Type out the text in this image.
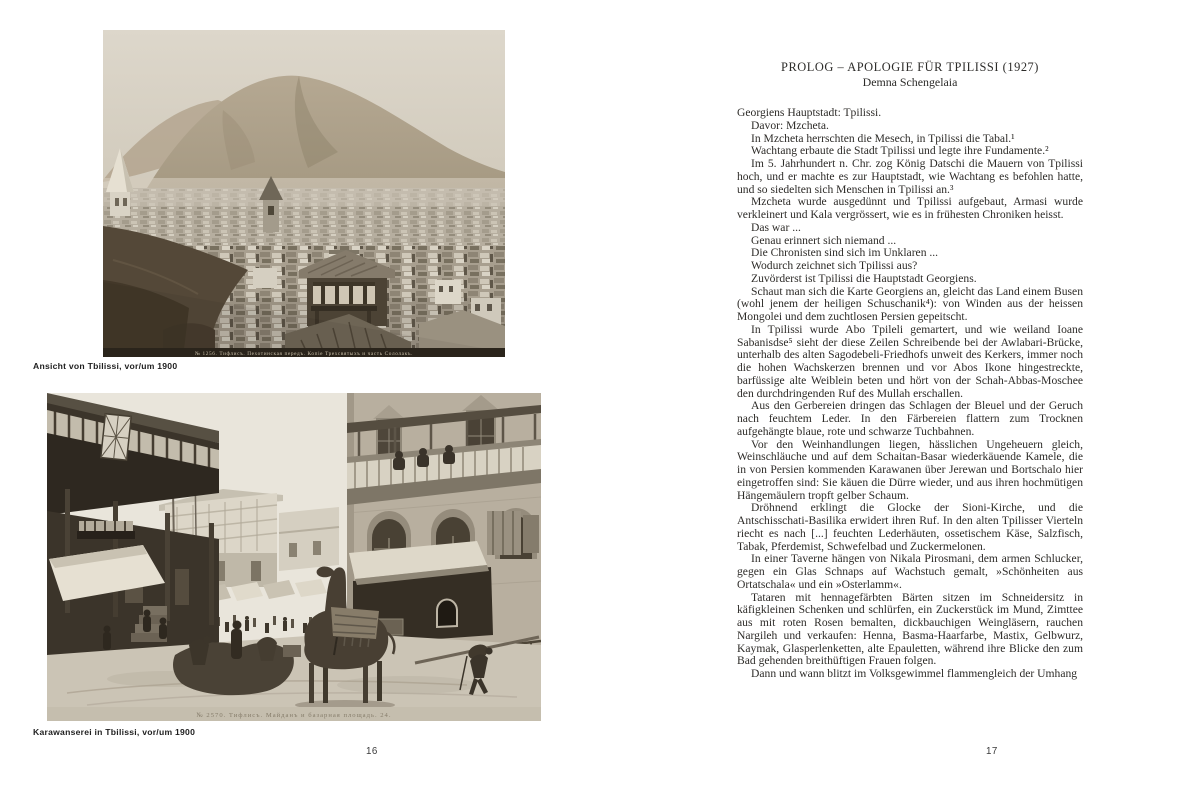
№ 1256. Тифлисъ. Пехотинская передъ. Копіе Трехсвятыхъ и часть Сололакъ.
Ansicht von Tbilissi, vor/um 1900
№ 2570. Тифлисъ. Майданъ и базарная площадь. 24.
Karawanserei in Tbilissi, vor/um 1900
16
PROLOG – APOLOGIE FÜR TPILISSI (1927)
Demna Schengelaia

Georgiens Hauptstadt: Tpilissi.

Davor: Mzcheta.

In Mzcheta herrschten die Mesech, in Tpilissi die Tabal.¹

Wachtang erbaute die Stadt Tpilissi und legte ihre Fundamente.²

Im 5. Jahrhundert n. Chr. zog König Datschi die Mauern von Tpilissi hoch, und er machte es zur Hauptstadt, wie Wachtang es befohlen hatte, und so siedelten sich Menschen in Tpilissi an.³

Mzcheta wurde ausgedünnt und Tpilissi aufgebaut, Armasi wurde verkleinert und Kala vergrössert, wie es in frühesten Chroniken heisst.

Das war ...

Genau erinnert sich niemand ...

Die Chronisten sind sich im Unklaren ...

Wodurch zeichnet sich Tpilissi aus?

Zuvörderst ist Tpilissi die Hauptstadt Georgiens.

Schaut man sich die Karte Georgiens an, gleicht das Land einem Busen (wohl jenem der heiligen Schuschanik⁴): von Winden aus der heissen Mongolei und dem zuchtlosen Persien gepeitscht.

In Tpilissi wurde Abo Tpileli gemartert, und wie weiland Ioane Sabanisdse⁵ sieht der diese Zeilen Schreibende bei der Awlabari-Brücke, unterhalb des alten Sagodebeli-Friedhofs unweit des Kerkers, immer noch die hohen Wachskerzen brennen und vor Abos Ikone hingestreckte, barfüssige alte Weiblein beten und hört von der Schah-Abbas-Moschee den durchdringenden Ruf des Mullah erschallen.

Aus den Gerbereien dringen das Schlagen der Bleuel und der Geruch nach feuchtem Leder. In den Färbereien flattern zum Trocknen aufgehängte blaue, rote und schwarze Tuchbahnen.

Vor den Weinhandlungen liegen, hässlichen Ungeheuern gleich, Weinschläuche und auf dem Schaitan-Basar wiederkäuende Kamele, die in von Persien kommenden Karawanen über Jerewan und Bortschalo hier eingetroffen sind: Sie käuen die Dürre wieder, und aus ihren hochmütigen Hängemäulern tropft gelber Schaum.

Dröhnend erklingt die Glocke der Sioni-Kirche, und die Antschisschati-Basilika erwidert ihren Ruf. In den alten Tpilisser Vierteln riecht es nach [...] feuchten Lederhäuten, ossetischem Käse, Salzfisch, Tabak, Pferdemist, Schwefelbad und Zuckermelonen.

In einer Taverne hängen von Nikala Pirosmani, dem armen Schlucker, gegen ein Glas Schnaps auf Wachstuch gemalt, »Schönheiten aus Ortatschala« und ein »Osterlamm«.

Tataren mit hennagefärbten Bärten sitzen im Schneidersitz in käfigkleinen Schenken und schlürfen, ein Zuckerstück im Mund, Zimttee aus mit roten Rosen bemalten, dickbauchigen Weingläsern, rauchen Nargileh und verkaufen: Henna, Basma-Haarfarbe, Mastix, Gelbwurz, Kaymak, Glasperlenketten, alte Epauletten, während ihre Blicke den zum Bad gehenden breithüftigen Frauen folgen.

Dann und wann blitzt im Volksgewimmel flammengleich der Umhang

17
